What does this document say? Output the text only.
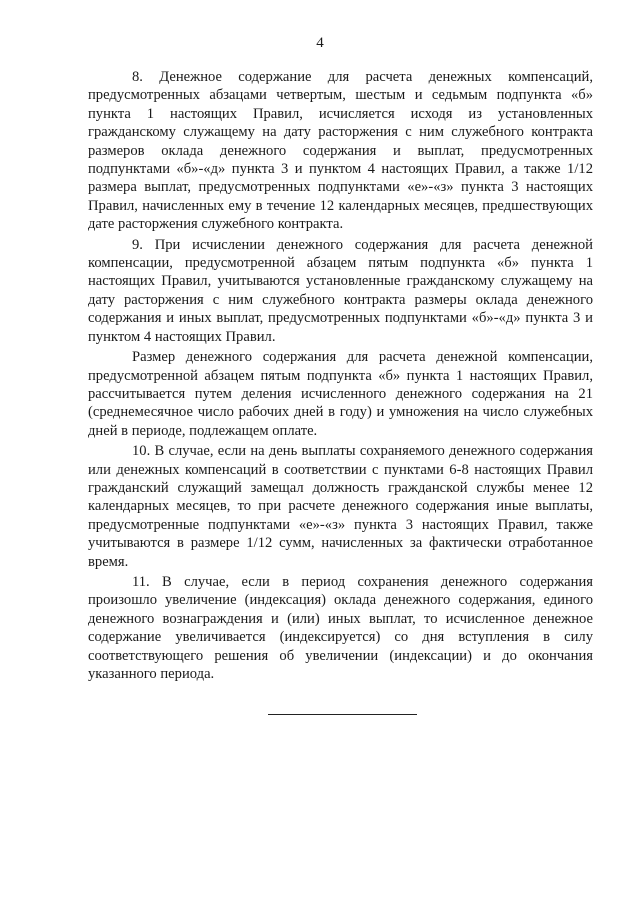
4

8. Денежное содержание для расчета денежных компенсаций, предусмотренных абзацами четвертым, шестым и седьмым подпункта «б» пункта 1 настоящих Правил, исчисляется исходя из установленных гражданскому служащему на дату расторжения с ним служебного контракта размеров оклада денежного содержания и выплат, предусмотренных подпунктами «б»-«д» пункта 3 и пунктом 4 настоящих Правил, а также 1/12 размера выплат, предусмотренных подпунктами «е»-«з» пункта 3 настоящих Правил, начисленных ему в течение 12 календарных месяцев, предшествующих дате расторжения служебного контракта.

9. При исчислении денежного содержания для расчета денежной компенсации, предусмотренной абзацем пятым подпункта «б» пункта 1 настоящих Правил, учитываются установленные гражданскому служащему на дату расторжения с ним служебного контракта размеры оклада денежного содержания и иных выплат, предусмотренных подпунктами «б»-«д» пункта 3 и пунктом 4 настоящих Правил.

Размер денежного содержания для расчета денежной компенсации, предусмотренной абзацем пятым подпункта «б» пункта 1 настоящих Правил, рассчитывается путем деления исчисленного денежного содержания на 21 (среднемесячное число рабочих дней в году) и умножения на число служебных дней в периоде, подлежащем оплате.

10. В случае, если на день выплаты сохраняемого денежного содержания или денежных компенсаций в соответствии с пунктами 6-8 настоящих Правил гражданский служащий замещал должность гражданской службы менее 12 календарных месяцев, то при расчете денежного содержания иные выплаты, предусмотренные подпунктами «е»-«з» пункта 3 настоящих Правил, также учитываются в размере 1/12 сумм, начисленных за фактически отработанное время.

11. В случае, если в период сохранения денежного содержания произошло увеличение (индексация) оклада денежного содержания, единого денежного вознаграждения и (или) иных выплат, то исчисленное денежное содержание увеличивается (индексируется) со дня вступления в силу соответствующего решения об увеличении (индексации) и до окончания указанного периода.
